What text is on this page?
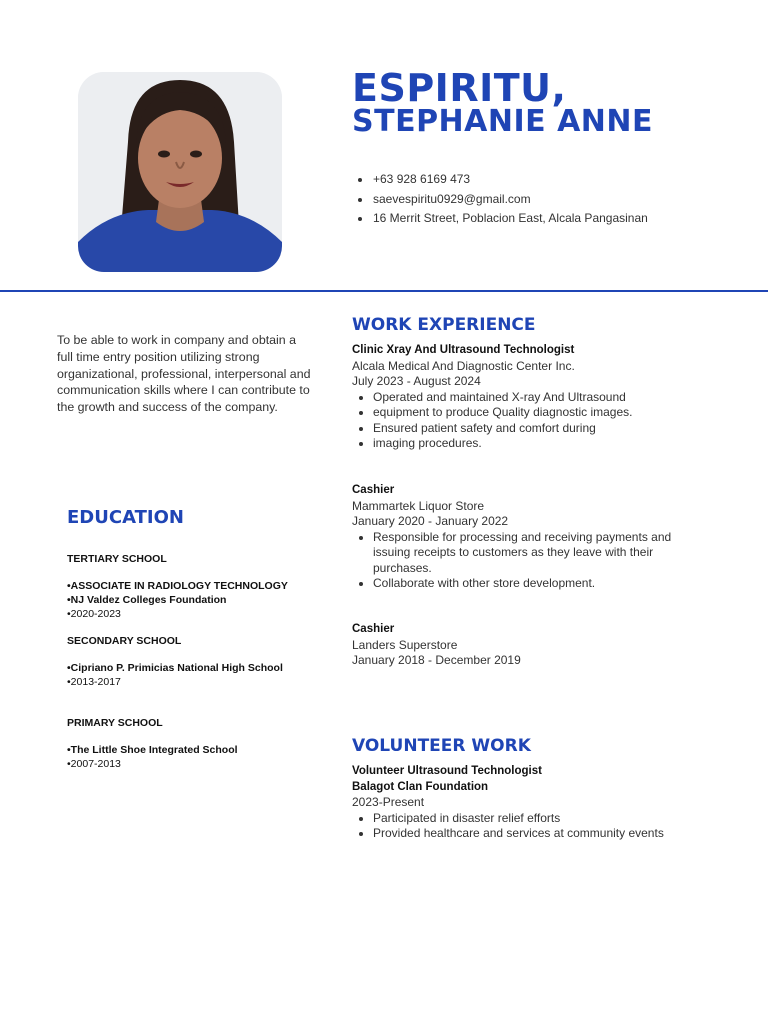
ESPIRITU,
STEPHANIE ANNE
+63 928 6169 473
saevespiritu0929@gmail.com
16 Merrit Street, Poblacion East, Alcala Pangasinan

To be able to work in company and obtain a full time entry position utilizing strong organizational, professional, interpersonal and communication skills where I can contribute to the growth and success of the company.

EDUCATION
TERTIARY SCHOOL
•ASSOCIATE IN RADIOLOGY TECHNOLOGY
•NJ Valdez Colleges Foundation
•2020-2023
SECONDARY SCHOOL
•Cipriano P. Primicias National High School
•2013-2017
PRIMARY SCHOOL
•The Little Shoe Integrated School
•2007-2013
WORK EXPERIENCE
Clinic Xray And Ultrasound Technologist
Alcala Medical And Diagnostic Center Inc.
July 2023 - August 2024
Operated and maintained X-ray And Ultrasound
equipment to produce Quality diagnostic images.
Ensured patient safety and comfort during
imaging procedures.
Cashier
Mammartek Liquor Store
January 2020 - January 2022
Responsible for processing and receiving payments and issuing receipts to customers as they leave with their purchases.
Collaborate with other store development.
Cashier
Landers Superstore
January 2018 - December 2019
VOLUNTEER WORK
Volunteer Ultrasound Technologist
Balagot Clan Foundation
2023-Present
Participated in disaster relief efforts
Provided healthcare and services at community events
